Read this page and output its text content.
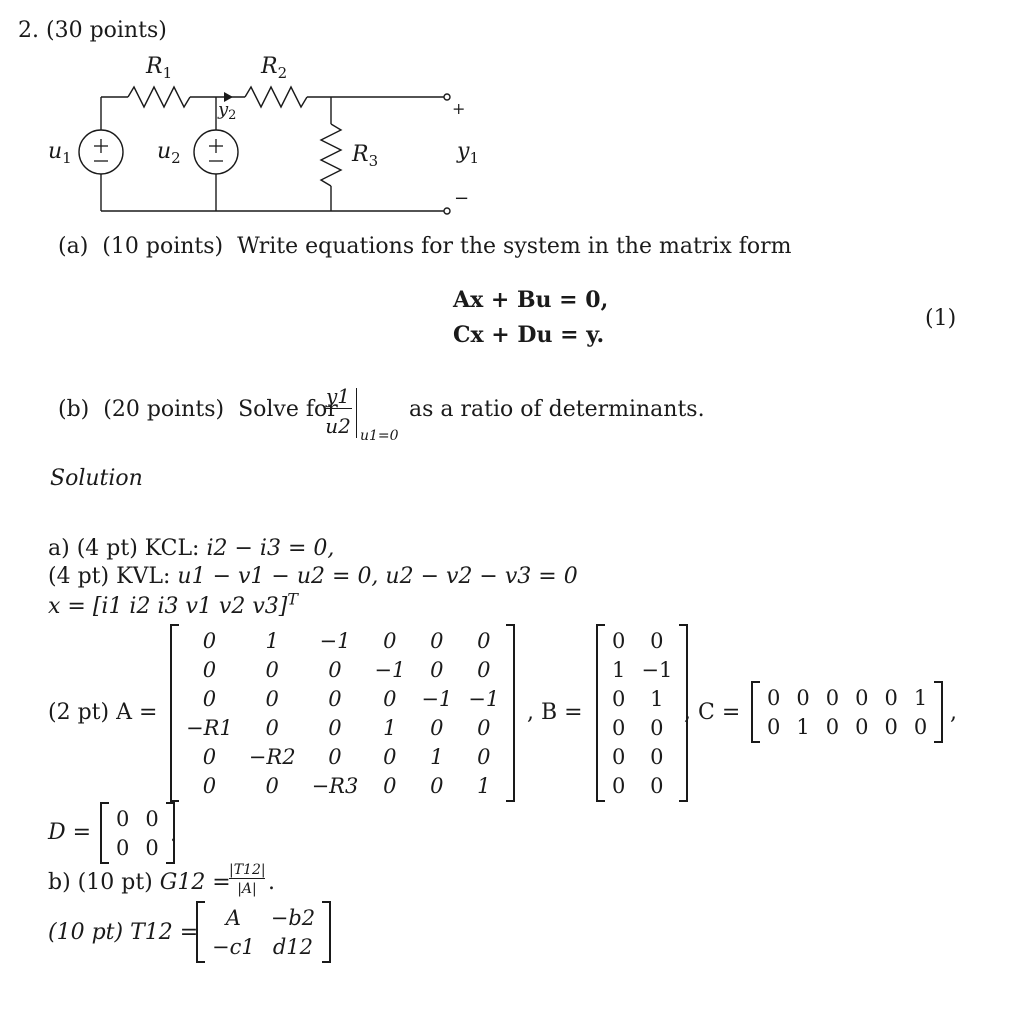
2. (30 points)
$R_1$	$R_2$
$R_3$
$u_1$	$u_2$	$y_1$
$y_2$	+
−
(a) (10 points) Write equations for the system in the matrix form
Ax + Bu = 0,
Cx + Du = y.
(1)
(b) (20 points) Solve for
y1
u2 u1=0
as a ratio of determinants.
Solution
a) (4 pt) KCL: i2 − i3 = 0,
(4 pt) KVL: u1 − v1 − u2 = 0, u2 − v2 − v3 = 0
x = [i1 i2 i3 v1 v2 v3]$^T$
(2 pt) A =
0	1	−1	0	0	0
0	0	0	−1	0	0
0	0	0	0	−1	−1
−R1	0	0	1	0	0
0	−R2	0	0	1	0
0	0	−R3	0	0	1
, B =
0	0
1	−1
0	1
0	0
0	0
0	0
, C =
0	0	0	0	0	1
0	1	0	0	0	0
,
D =
0	0
0	0
.
b) (10 pt) G12 =
|T12|
|A| .
(10 pt) T12 =
A	−b2
−c1	d12
